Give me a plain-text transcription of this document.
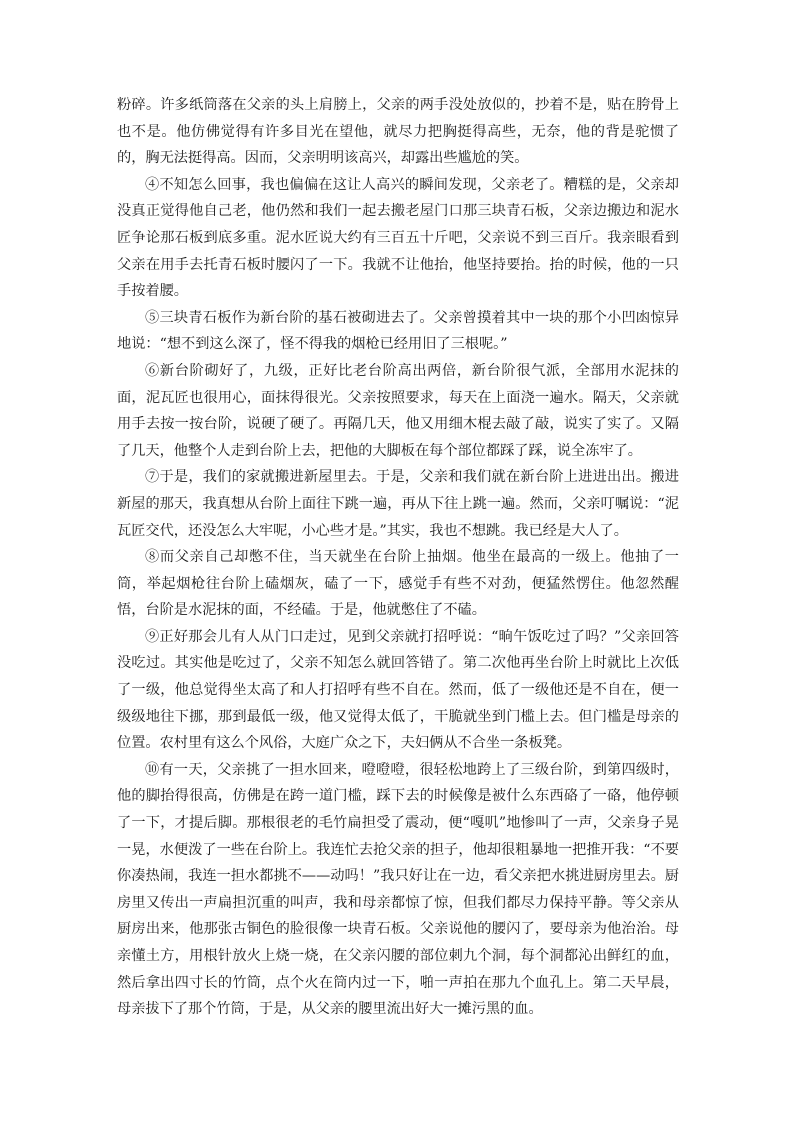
粉碎。许多纸筒落在父亲的头上肩膀上，父亲的两手没处放似的，抄着不是，贴在胯骨上也不是。他仿佛觉得有许多目光在望他，就尽力把胸挺得高些，无奈，他的背是驼惯了的，胸无法挺得高。因而，父亲明明该高兴，却露出些尴尬的笑。

④不知怎么回事，我也偏偏在这让人高兴的瞬间发现，父亲老了。糟糕的是，父亲却没真正觉得他自己老，他仍然和我们一起去搬老屋门口那三块青石板，父亲边搬边和泥水匠争论那石板到底多重。泥水匠说大约有三百五十斤吧，父亲说不到三百斤。我亲眼看到父亲在用手去托青石板时腰闪了一下。我就不让他抬，他坚持要抬。抬的时候，他的一只手按着腰。

⑤三块青石板作为新台阶的基石被砌进去了。父亲曾摸着其中一块的那个小凹凼惊异地说：“想不到这么深了，怪不得我的烟枪已经用旧了三根呢。”

⑥新台阶砌好了，九级，正好比老台阶高出两倍，新台阶很气派，全部用水泥抹的面，泥瓦匠也很用心，面抹得很光。父亲按照要求，每天在上面浇一遍水。隔天，父亲就用手去按一按台阶，说硬了硬了。再隔几天，他又用细木棍去敲了敲，说实了实了。又隔了几天，他整个人走到台阶上去，把他的大脚板在每个部位都踩了踩，说全冻牢了。

⑦于是，我们的家就搬进新屋里去。于是，父亲和我们就在新台阶上进进出出。搬进新屋的那天，我真想从台阶上面往下跳一遍，再从下往上跳一遍。然而，父亲叮嘱说：“泥瓦匠交代，还没怎么大牢呢，小心些才是。”其实，我也不想跳。我已经是大人了。

⑧而父亲自己却憋不住，当天就坐在台阶上抽烟。他坐在最高的一级上。他抽了一筒，举起烟枪往台阶上磕烟灰，磕了一下，感觉手有些不对劲，便猛然愣住。他忽然醒悟，台阶是水泥抹的面，不经磕。于是，他就憋住了不磕。

⑨正好那会儿有人从门口走过，见到父亲就打招呼说：“晌午饭吃过了吗？”父亲回答没吃过。其实他是吃过了，父亲不知怎么就回答错了。第二次他再坐台阶上时就比上次低了一级，他总觉得坐太高了和人打招呼有些不自在。然而，低了一级他还是不自在，便一级级地往下挪，那到最低一级，他又觉得太低了，干脆就坐到门槛上去。但门槛是母亲的位置。农村里有这么个风俗，大庭广众之下，夫妇俩从不合坐一条板凳。

⑩有一天，父亲挑了一担水回来，噔噔噔，很轻松地跨上了三级台阶，到第四级时，他的脚抬得很高，仿佛是在跨一道门槛，踩下去的时候像是被什么东西硌了一硌，他停顿了一下，才提后脚。那根很老的毛竹扁担受了震动，便“嘎叽”地惨叫了一声，父亲身子晃一晃，水便泼了一些在台阶上。我连忙去抢父亲的担子，他却很粗暴地一把推开我：“不要你凑热闹，我连一担水都挑不——动吗！”我只好让在一边，看父亲把水挑进厨房里去。厨房里又传出一声扁担沉重的叫声，我和母亲都惊了惊，但我们都尽力保持平静。等父亲从厨房出来，他那张古铜色的脸很像一块青石板。父亲说他的腰闪了，要母亲为他治治。母亲懂土方，用根针放火上烧一烧，在父亲闪腰的部位刺九个洞，每个洞都沁出鲜红的血，然后拿出四寸长的竹筒，点个火在筒内过一下，啪一声拍在那九个血孔上。第二天早晨，母亲拔下了那个竹筒，于是，从父亲的腰里流出好大一摊污黑的血。
